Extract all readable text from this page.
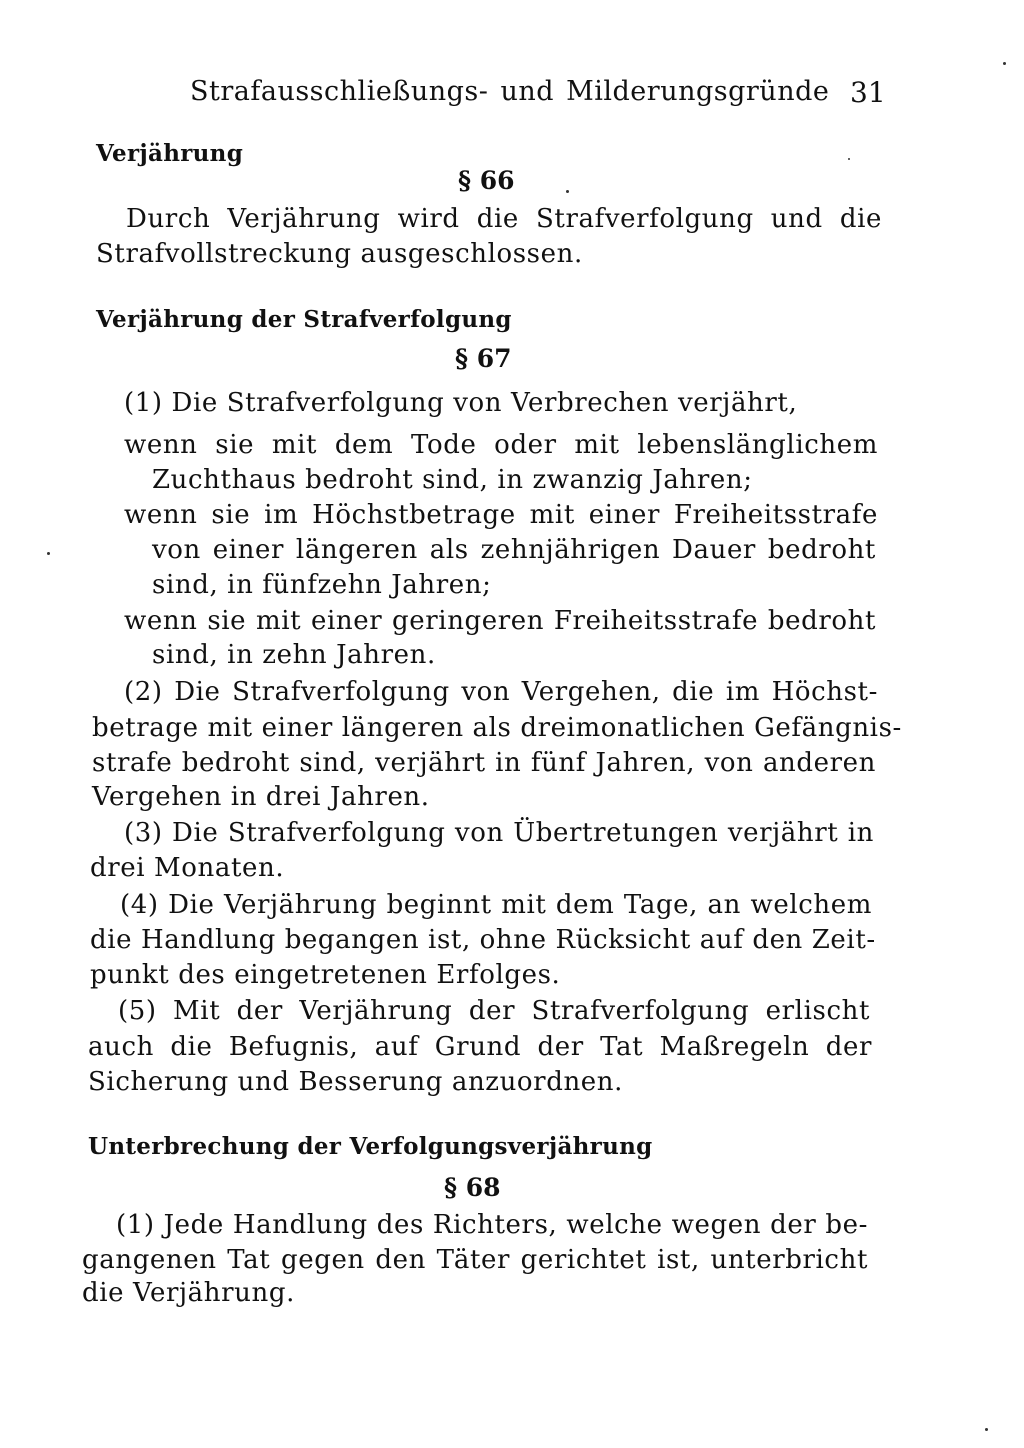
Strafausschließungs- und Milderungsgründe 31
Verjährung
§ 66
Durch Verjährung wird die Strafverfolgung und die
Strafvollstreckung ausgeschlossen.
Verjährung der Strafverfolgung
§ 67
(1) Die Strafverfolgung von Verbrechen verjährt,
wenn sie mit dem Tode oder mit lebenslänglichem
Zuchthaus bedroht sind, in zwanzig Jahren;
wenn sie im Höchstbetrage mit einer Freiheitsstrafe
von einer längeren als zehnjährigen Dauer bedroht
sind, in fünfzehn Jahren;
wenn sie mit einer geringeren Freiheitsstrafe bedroht
sind, in zehn Jahren.
(2) Die Strafverfolgung von Vergehen, die im Höchst-
betrage mit einer längeren als dreimonatlichen Gefängnis-
strafe bedroht sind, verjährt in fünf Jahren, von anderen
Vergehen in drei Jahren.
(3) Die Strafverfolgung von Übertretungen verjährt in
drei Monaten.
(4) Die Verjährung beginnt mit dem Tage, an welchem
die Handlung begangen ist, ohne Rücksicht auf den Zeit-
punkt des eingetretenen Erfolges.
(5) Mit der Verjährung der Strafverfolgung erlischt
auch die Befugnis, auf Grund der Tat Maßregeln der
Sicherung und Besserung anzuordnen.
Unterbrechung der Verfolgungsverjährung
§ 68
(1) Jede Handlung des Richters, welche wegen der be-
gangenen Tat gegen den Täter gerichtet ist, unterbricht
die Verjährung.
